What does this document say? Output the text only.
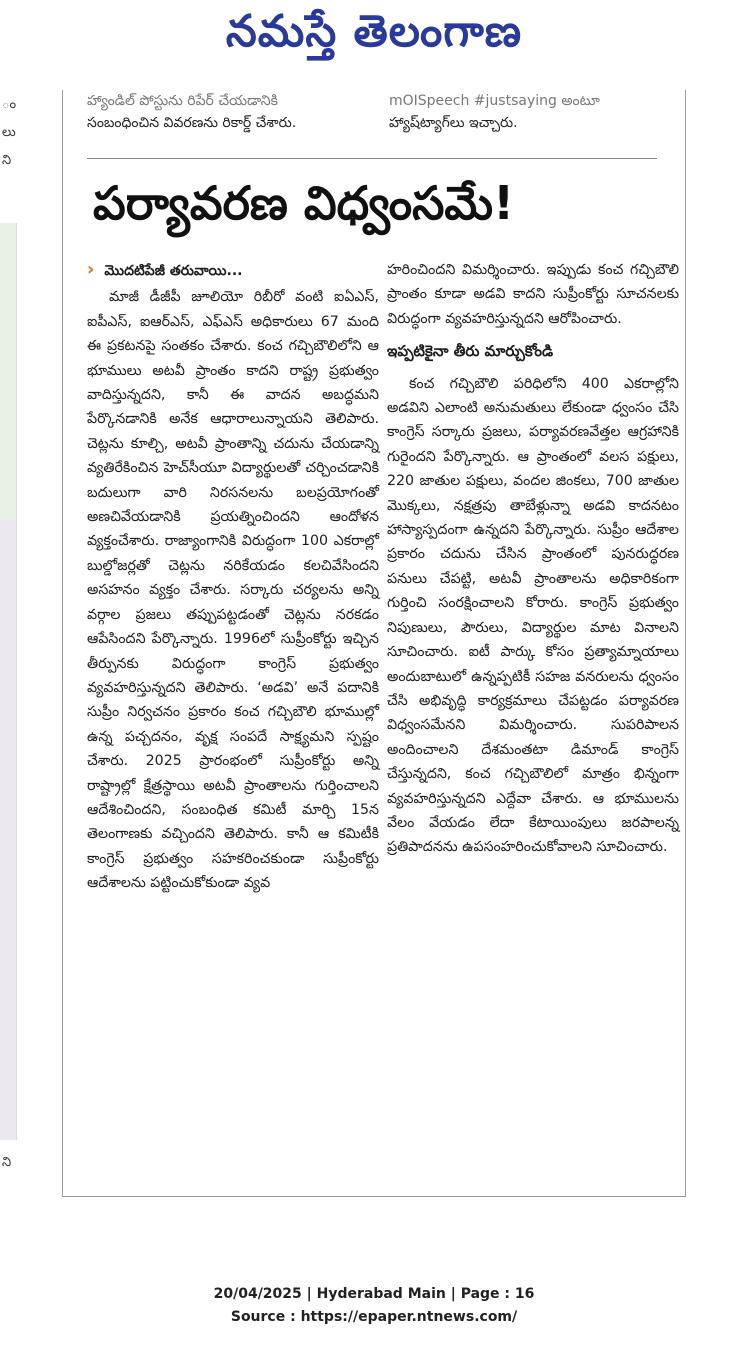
నమస్తే తెలంగాణ
ం
లు
ని
ని
హ్యాండిల్ పోస్టును రిపేర్ చేయడానికి
సంబంధించిన వివరణను రికార్డ్ చేశారు.
mOISpeech #justsaying అంటూ
హ్యాష్‌ట్యాగ్‌లు ఇచ్చారు.
పర్యావరణ విధ్వంసమే!
› మొదటిపేజీ తరువాయి...

మాజీ డీజీపీ జూలియో రిబీరో వంటి ఐఏఎస్, ఐపీఎస్, ఐఆర్ఎస్, ఎఫ్ఎస్ అధికారులు 67 మంది ఈ ప్రకటనపై సంతకం చేశారు. కంచ గచ్చిబౌలిలోని ఆ భూములు అటవీ ప్రాంతం కాదని రాష్ట్ర ప్రభుత్వం వాదిస్తున్నదని, కానీ ఈ వాదన అబద్ధమని పేర్కొనడానికి అనేక ఆధారాలున్నాయని తెలిపారు. చెట్లను కూల్చి, అటవీ ప్రాంతాన్ని చదును చేయడాన్ని వ్యతిరేకించిన హెచ్‌సీయూ విద్యార్థులతో చర్చించడానికి బదులుగా వారి నిరసనలను బలప్రయోగంతో అణచివేయడానికి ప్రయత్నించిందని ఆందోళన వ్యక్తంచేశారు. రాజ్యాంగానికి విరుద్ధంగా 100 ఎకరాల్లో బుల్డోజర్లతో చెట్లను నరికేయడం కలచివేసిందని అసహనం వ్యక్తం చేశారు. సర్కారు చర్యలను అన్ని వర్గాల ప్రజలు తప్పుపట్టడంతో చెట్లను నరకడం ఆపేసిందని పేర్కొన్నారు. 1996లో సుప్రీంకోర్టు ఇచ్చిన తీర్పునకు విరుద్ధంగా కాంగ్రెస్ ప్రభుత్వం వ్యవహరిస్తున్నదని తెలిపారు. ‘అడవి’ అనే పదానికి సుప్రీం నిర్వచనం ప్రకారం కంచ గచ్చిబౌలి భూముల్లో ఉన్న పచ్చదనం, వృక్ష సంపదే సాక్ష్యమని స్పష్టం చేశారు. 2025 ప్రారంభంలో సుప్రీంకోర్టు అన్ని రాష్ట్రాల్లో క్షేత్రస్థాయి అటవీ ప్రాంతాలను గుర్తించాలని ఆదేశించిందని, సంబంధిత కమిటీ మార్చి 15న తెలంగాణకు వచ్చిందని తెలిపారు. కానీ ఆ కమిటీకి కాంగ్రెస్ ప్రభుత్వం సహకరించకుండా సుప్రీంకోర్టు ఆదేశాలను పట్టించుకోకుండా వ్యవ

హరించిందని విమర్శించారు. ఇప్పుడు కంచ గచ్చిబౌలి ప్రాంతం కూడా అడవి కాదని సుప్రీంకోర్టు సూచనలకు విరుద్ధంగా వ్యవహరిస్తున్నదని ఆరోపించారు.

ఇప్పటికైనా తీరు మార్చుకోండి

కంచ గచ్చిబౌలి పరిధిలోని 400 ఎకరాల్లోని అడవిని ఎలాంటి అనుమతులు లేకుండా ధ్వంసం చేసి కాంగ్రెస్ సర్కారు ప్రజలు, పర్యావరణవేత్తల ఆగ్రహానికి గురైందని పేర్కొన్నారు. ఆ ప్రాంతంలో వలస పక్షులు, 220 జాతుల పక్షులు, వందల జింకలు, 700 జాతుల మొక్కలు, నక్షత్రపు తాబేళ్లున్నా అడవి కాదనటం హాస్యాస్పదంగా ఉన్నదని పేర్కొన్నారు. సుప్రీం ఆదేశాల ప్రకారం చదును చేసిన ప్రాంతంలో పునరుద్ధరణ పనులు చేపట్టి, అటవీ ప్రాంతాలను అధికారికంగా గుర్తించి సంరక్షించాలని కోరారు. కాంగ్రెస్ ప్రభుత్వం నిపుణులు, పౌరులు, విద్యార్థుల మాట వినాలని సూచించారు. ఐటీ పార్కు కోసం ప్రత్యామ్నాయాలు అందుబాటులో ఉన్నప్పటికీ సహజ వనరులను ధ్వంసం చేసి అభివృద్ధి కార్యక్రమాలు చేపట్టడం పర్యావరణ విధ్వంసమేనని విమర్శించారు. సుపరిపాలన అందించాలని దేశమంతటా డిమాండ్ కాంగ్రెస్ చేస్తున్నదని, కంచ గచ్చిబౌలిలో మాత్రం భిన్నంగా వ్యవహరిస్తున్నదని ఎద్దేవా చేశారు. ఆ భూములను వేలం వేయడం లేదా కేటాయింపులు జరపాలన్న ప్రతిపాదనను ఉపసంహరించుకోవాలని సూచించారు.

20/04/2025 | Hyderabad Main | Page : 16
Source : https://epaper.ntnews.com/
